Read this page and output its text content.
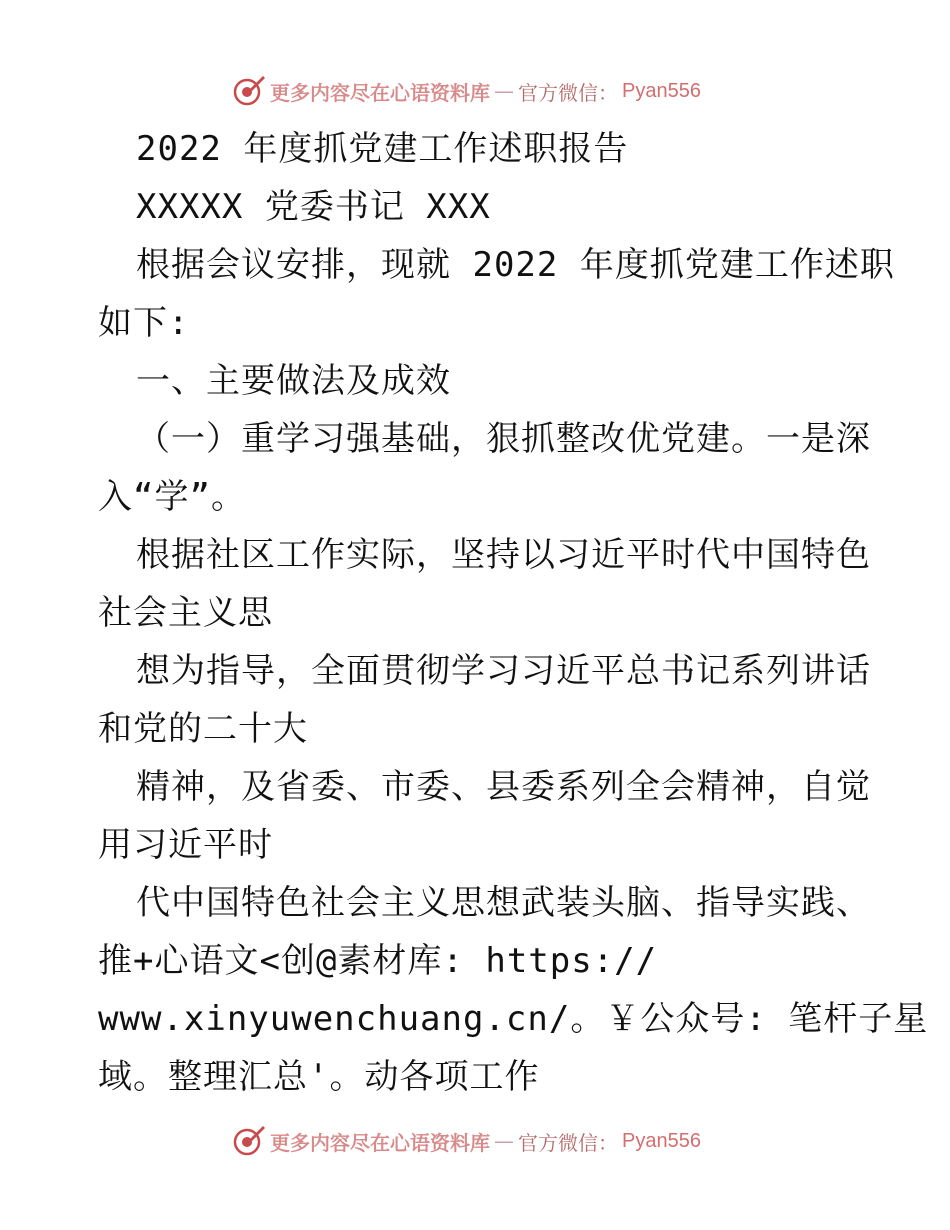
更多内容尽在心语资料库 — 官方微信： Pyan556
2022 年度抓党建工作述职报告
XXXXX 党委书记 XXX
根据会议安排，现就 2022 年度抓党建工作述职
如下:
一、主要做法及成效
（一）重学习强基础，狠抓整改优党建。一是深
入“学”。
根据社区工作实际，坚持以习近平时代中国特色
社会主义思
想为指导，全面贯彻学习习近平总书记系列讲话
和党的二十大
精神，及省委、市委、县委系列全会精神，自觉
用习近平时
代中国特色社会主义思想武装头脑、指导实践、
推+心语文<创@素材库: https://
www.xinyuwenchuang.cn/。￥公众号: 笔杆子星
域。整理汇总'。动各项工作
更多内容尽在心语资料库 — 官方微信： Pyan556
